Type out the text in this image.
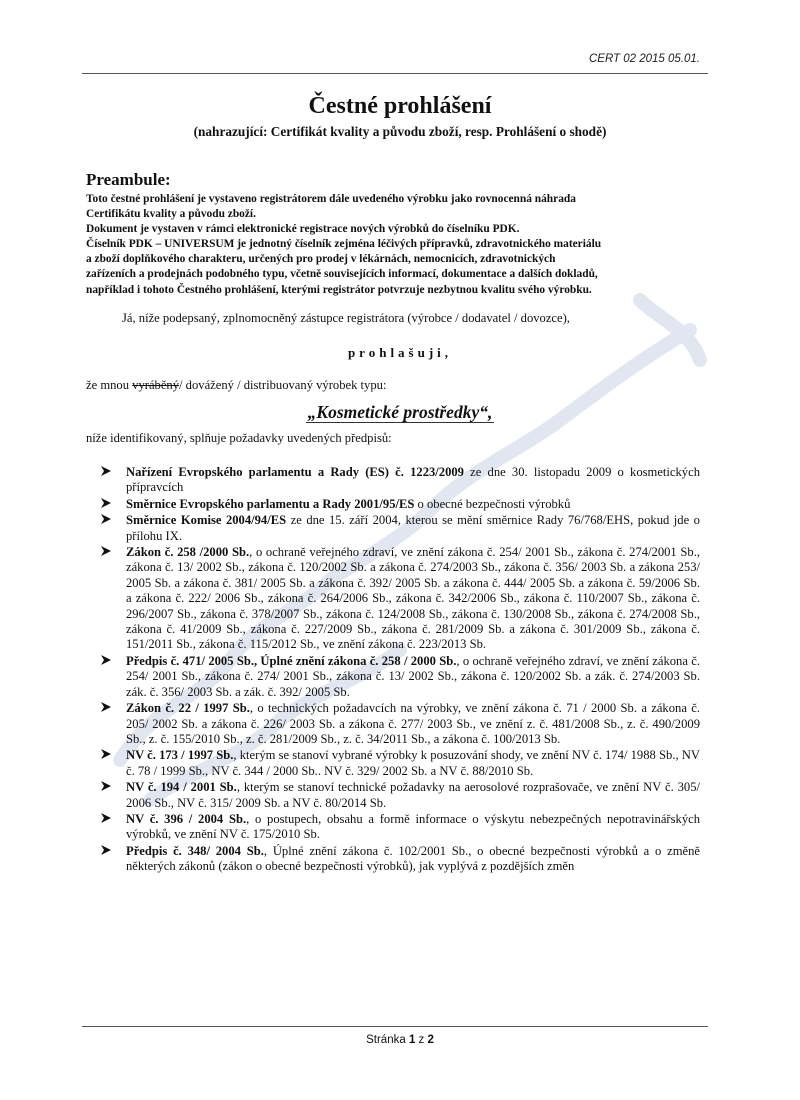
CERT 02 2015 05.01.
Čestné prohlášení
(nahrazující: Certifikát kvality a původu zboží, resp. Prohlášení o shodě)
Preambule:
Toto čestné prohlášení je vystaveno registrátorem dále uvedeného výrobku jako rovnocenná náhrada
Certifikátu kvality a původu zboží.
Dokument je vystaven v rámci elektronické registrace nových výrobků do číselníku PDK.
Číselník PDK – UNIVERSUM je jednotný číselník zejména léčivých přípravků, zdravotnického materiálu
a zboží doplňkového charakteru, určených pro prodej v lékárnách, nemocnicích, zdravotnických
zařízeních a prodejnách podobného typu, včetně souvisejících informací, dokumentace a dalších dokladů,
například i tohoto Čestného prohlášení, kterými registrátor potvrzuje nezbytnou kvalitu svého výrobku.
Já, níže podepsaný, zplnomocněný zástupce registrátora (výrobce / dodavatel / dovozce),
prohlašuji,
že mnou vyráběný/ dovážený / distribuovaný výrobek typu:
„Kosmetické prostředky“,
níže identifikovaný, splňuje požadavky uvedených předpisů:
Nařízení Evropského parlamentu a Rady (ES) č. 1223/2009 ze dne 30. listopadu 2009 o kosmetických přípravcích
Směrnice Evropského parlamentu a Rady 2001/95/ES o obecné bezpečnosti výrobků
Směrnice Komise 2004/94/ES ze dne 15. září 2004, kterou se mění směrnice Rady 76/768/EHS, pokud jde o přílohu IX.
Zákon č. 258 /2000 Sb., o ochraně veřejného zdraví, ve znění zákona č. 254/ 2001 Sb., zákona č. 274/2001 Sb., zákona č. 13/ 2002 Sb., zákona č. 120/2002 Sb. a zákona č. 274/2003 Sb., zákona č. 356/ 2003 Sb. a zákona 253/ 2005 Sb. a zákona č. 381/ 2005 Sb. a zákona č. 392/ 2005 Sb. a zákona č. 444/ 2005 Sb. a zákona č. 59/2006 Sb. a zákona č. 222/ 2006 Sb., zákona č. 264/2006 Sb., zákona č. 342/2006 Sb., zákona č. 110/2007 Sb., zákona č. 296/2007 Sb., zákona č. 378/2007 Sb., zákona č. 124/2008 Sb., zákona č. 130/2008 Sb., zákona č. 274/2008 Sb., zákona č. 41/2009 Sb., zákona č. 227/2009 Sb., zákona č. 281/2009 Sb. a zákona č. 301/2009 Sb., zákona č. 151/2011 Sb., zákona č. 115/2012 Sb., ve znění zákona č. 223/2013 Sb.
Předpis č. 471/ 2005 Sb., Úplné znění zákona č. 258 / 2000 Sb., o ochraně veřejného zdraví, ve znění zákona č. 254/ 2001 Sb., zákona č. 274/ 2001 Sb., zákona č. 13/ 2002 Sb., zákona č. 120/2002 Sb. a zák. č. 274/2003 Sb. zák. č. 356/ 2003 Sb. a zák. č. 392/ 2005 Sb.
Zákon č. 22 / 1997 Sb., o technických požadavcích na výrobky, ve znění zákona č. 71 / 2000 Sb. a zákona č. 205/ 2002 Sb. a zákona č. 226/ 2003 Sb. a zákona č. 277/ 2003 Sb., ve znění z. č. 481/2008 Sb., z. č. 490/2009 Sb., z. č. 155/2010 Sb., z. č. 281/2009 Sb., z. č. 34/2011 Sb., a zákona č. 100/2013 Sb.
NV č. 173 / 1997 Sb., kterým se stanoví vybrané výrobky k posuzování shody, ve znění NV č. 174/ 1988 Sb., NV č. 78 / 1999 Sb., NV č. 344 / 2000 Sb.. NV č. 329/ 2002 Sb. a NV č. 88/2010 Sb.
NV č. 194 / 2001 Sb., kterým se stanoví technické požadavky na aerosolové rozprašovače, ve znění NV č. 305/ 2006 Sb., NV č. 315/ 2009 Sb. a NV č. 80/2014 Sb.
NV č. 396 / 2004 Sb., o postupech, obsahu a formě informace o výskytu nebezpečných nepotravinářských výrobků, ve znění NV č. 175/2010 Sb.
Předpis č. 348/ 2004 Sb., Úplné znění zákona č. 102/2001 Sb., o obecné bezpečnosti výrobků a o změně některých zákonů (zákon o obecné bezpečnosti výrobků), jak vyplývá z pozdějších změn
Stránka 1 z 2
